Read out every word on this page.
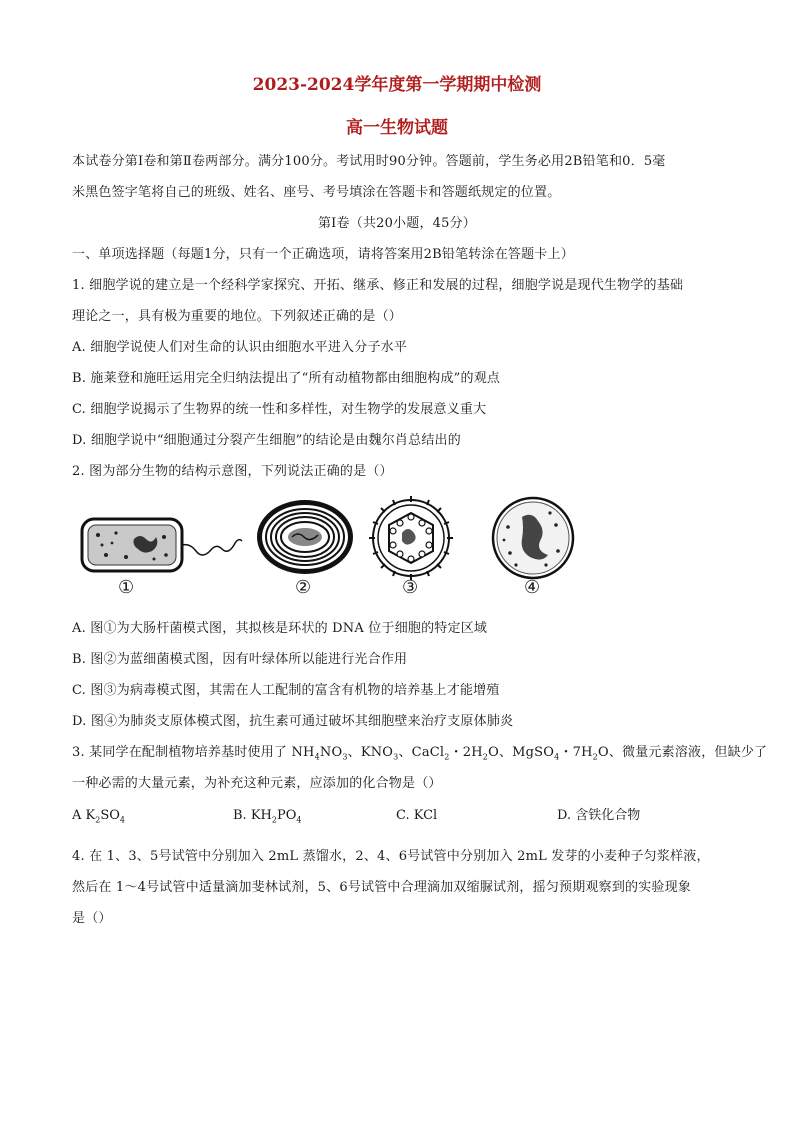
2023-2024学年度第一学期期中检测
高一生物试题
本试卷分第Ⅰ卷和第Ⅱ卷两部分。满分100分。考试用时90分钟。答题前，学生务必用2B铅笔和0．5毫
米黑色签字笔将自己的班级、姓名、座号、考号填涂在答题卡和答题纸规定的位置。
第Ⅰ卷（共20小题，45分）
一、单项选择题（每题1分，只有一个正确选项，请将答案用2B铅笔转涂在答题卡上）
1. 细胞学说的建立是一个经科学家探究、开拓、继承、修正和发展的过程，细胞学说是现代生物学的基础
理论之一，具有极为重要的地位。下列叙述正确的是（）
A. 细胞学说使人们对生命的认识由细胞水平进入分子水平
B. 施莱登和施旺运用完全归纳法提出了“所有动植物都由细胞构成”的观点
C. 细胞学说揭示了生物界的统一性和多样性，对生物学的发展意义重大
D. 细胞学说中“细胞通过分裂产生细胞”的结论是由魏尔肖总结出的
2. 图为部分生物的结构示意图，下列说法正确的是（）
①	②	③	④
A. 图①为大肠杆菌模式图，其拟核是环状的 DNA 位于细胞的特定区域
B. 图②为蓝细菌模式图，因有叶绿体所以能进行光合作用
C. 图③为病毒模式图，其需在人工配制的富含有机物的培养基上才能增殖
D. 图④为肺炎支原体模式图，抗生素可通过破坏其细胞壁来治疗支原体肺炎
3. 某同学在配制植物培养基时使用了 $NH_4NO_3$、$KNO_3$、CaCl$_2$・$2H_2O$、MgSO$_4$・$7H_2O$、微量元素溶液，但缺少了
一种必需的大量元素，为补充这种元素，应添加的化合物是（）
A $K_2SO_4$	B. $KH_2PO_4$	C. KCl	D. 含铁化合物
4. 在 1、3、5号试管中分别加入 2mL 蒸馏水，2、4、6号试管中分别加入 2mL 发芽的小麦种子匀浆样液，
然后在 1～4号试管中适量滴加斐林试剂，5、6号试管中合理滴加双缩脲试剂，摇匀预期观察到的实验现象
是（）
